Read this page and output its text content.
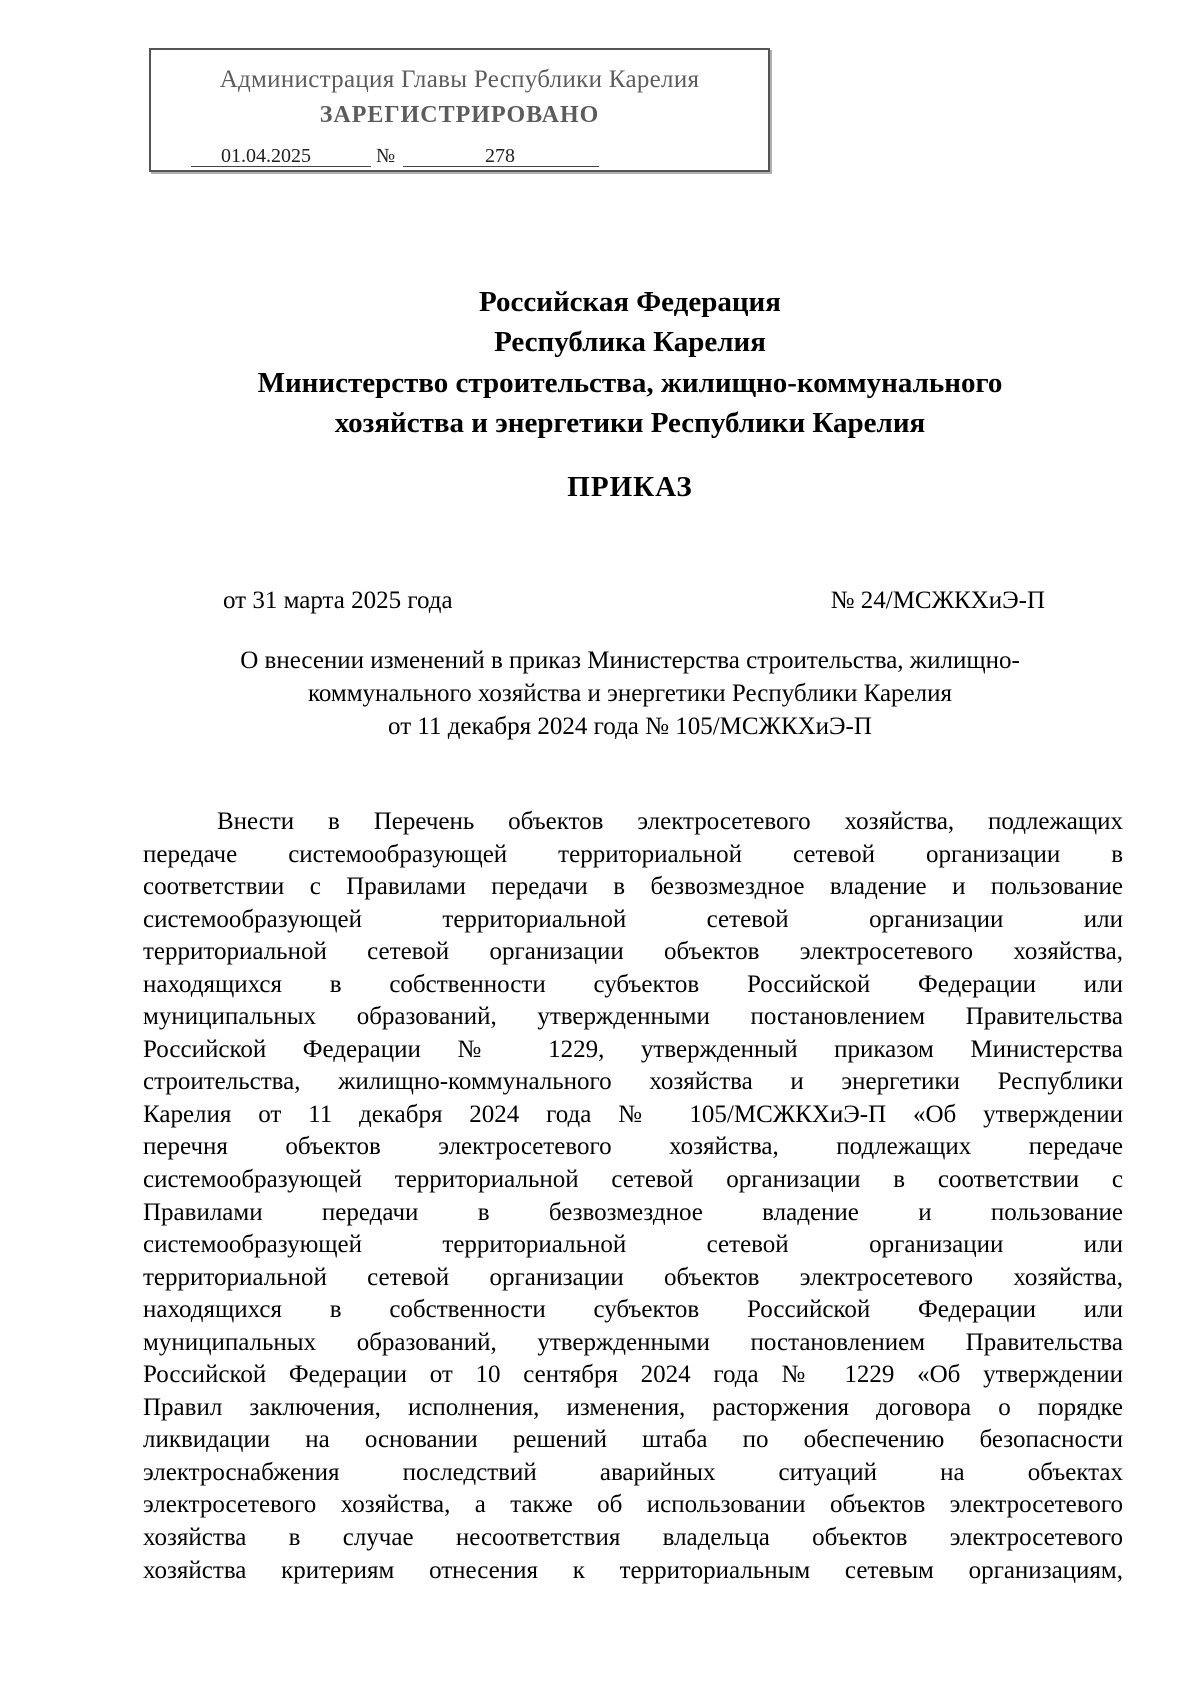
Администрация Главы Республики Карелия
ЗАРЕГИСТРИРОВАНО
01.04.2025	№	278
Российская Федерация
Республика Карелия
Министерство строительства, жилищно-коммунального
хозяйства и энергетики Республики Карелия
ПРИКАЗ
от 31 марта 2025 года	№ 24/МСЖКХиЭ-П
О внесении изменений в приказ Министерства строительства, жилищно-
коммунального хозяйства и энергетики Республики Карелия
от 11 декабря 2024 года № 105/МСЖКХиЭ-П
Внести в Перечень объектов электросетевого хозяйства, подлежащих
передаче системообразующей территориальной сетевой организации в
соответствии с Правилами передачи в безвозмездное владение и пользование
системообразующей территориальной сетевой организации или
территориальной сетевой организации объектов электросетевого хозяйства,
находящихся в собственности субъектов Российской Федерации или
муниципальных образований, утвержденными постановлением Правительства
Российской Федерации № 1229, утвержденный приказом Министерства
строительства, жилищно-коммунального хозяйства и энергетики Республики
Карелия от 11 декабря 2024 года № 105/МСЖКХиЭ-П «Об утверждении
перечня объектов электросетевого хозяйства, подлежащих передаче
системообразующей территориальной сетевой организации в соответствии с
Правилами передачи в безвозмездное владение и пользование
системообразующей территориальной сетевой организации или
территориальной сетевой организации объектов электросетевого хозяйства,
находящихся в собственности субъектов Российской Федерации или
муниципальных образований, утвержденными постановлением Правительства
Российской Федерации от 10 сентября 2024 года № 1229 «Об утверждении
Правил заключения, исполнения, изменения, расторжения договора о порядке
ликвидации на основании решений штаба по обеспечению безопасности
электроснабжения последствий аварийных ситуаций на объектах
электросетевого хозяйства, а также об использовании объектов электросетевого
хозяйства в случае несоответствия владельца объектов электросетевого
хозяйства критериям отнесения к территориальным сетевым организациям,
